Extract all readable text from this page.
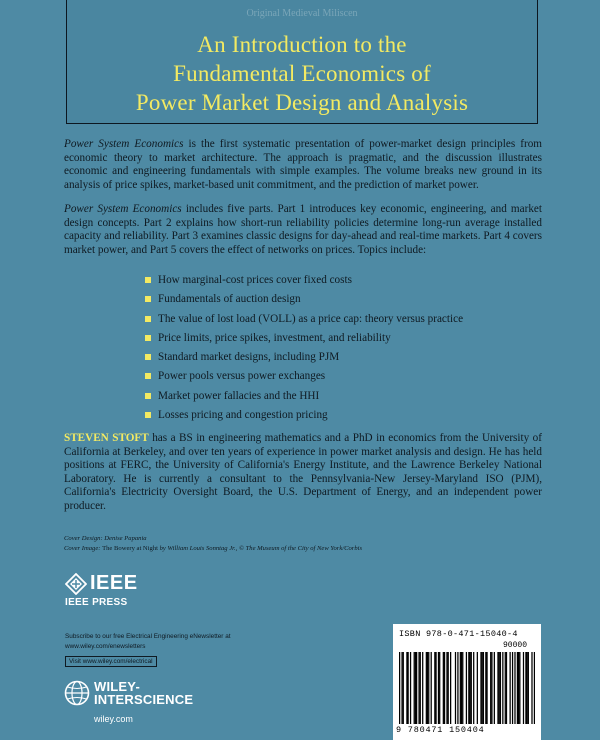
Original Medieval Miliscen
An Introduction to the
Fundamental Economics of
Power Market Design and Analysis

Power System Economics is the first systematic presentation of power-market design principles from economic theory to market architecture. The approach is pragmatic, and the discussion illustrates economic and engineering fundamentals with simple examples. The volume breaks new ground in its analysis of price spikes, market-based unit commitment, and the prediction of market power.

Power System Economics includes five parts. Part 1 introduces key economic, engineering, and market design concepts. Part 2 explains how short-run reliability policies determine long-run average installed capacity and reliability. Part 3 examines classic designs for day-ahead and real-time markets. Part 4 covers market power, and Part 5 covers the effect of networks on prices. Topics include:

How marginal-cost prices cover fixed costs
Fundamentals of auction design
The value of lost load (VOLL) as a price cap: theory versus practice
Price limits, price spikes, investment, and reliability
Standard market designs, including PJM
Power pools versus power exchanges
Market power fallacies and the HHI
Losses pricing and congestion pricing

STEVEN STOFT has a BS in engineering mathematics and a PhD in economics from the University of California at Berkeley, and over ten years of experience in power market analysis and design. He has held positions at FERC, the University of California's Energy Institute, and the Lawrence Berkeley National Laboratory. He is currently a consultant to the Pennsylvania-New Jersey-Maryland ISO (PJM), California's Electricity Oversight Board, the U.S. Department of Energy, and an independent power producer.

Cover Design: Denise Papania
Cover Image: The Bowery at Night by William Louis Sonntag Jr., © The Museum of the City of New York/Corbis
IEEE
IEEE PRESS
Subscribe to our free Electrical Engineering eNewsletter at
www.wiley.com/enewsletters
Visit www.wiley.com/electrical
WILEY-
INTERSCIENCE
wiley.com
ISBN 978-0-471-15040-4
90000
9 780471 150404
